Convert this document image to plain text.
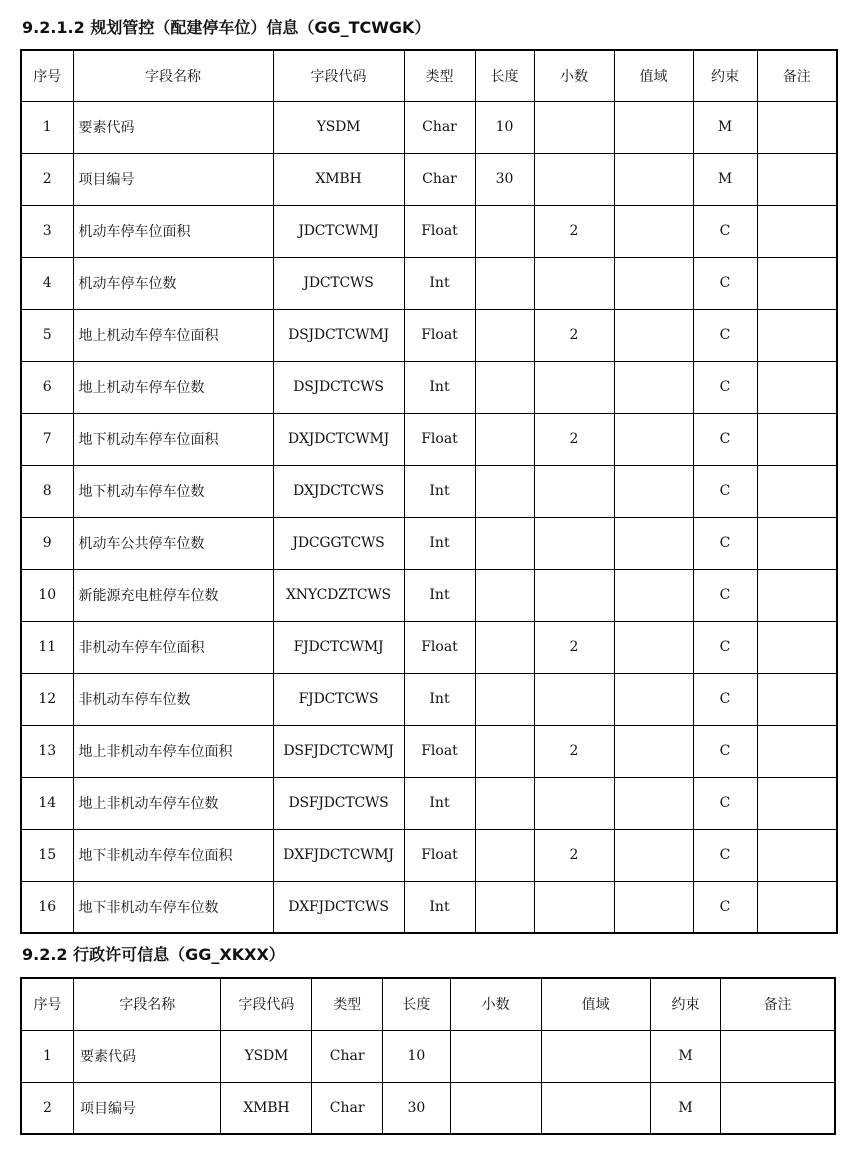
9.2.1.2 规划管控（配建停车位）信息（GG_TCWGK）
序号	字段名称	字段代码	类型	长度	小数	值域	约束	备注
1	要素代码	YSDM	Char	10			M	
2	项目编号	XMBH	Char	30			M	
3	机动车停车位面积	JDCTCWMJ	Float		2		C	
4	机动车停车位数	JDCTCWS	Int				C	
5	地上机动车停车位面积	DSJDCTCWMJ	Float		2		C	
6	地上机动车停车位数	DSJDCTCWS	Int				C	
7	地下机动车停车位面积	DXJDCTCWMJ	Float		2		C	
8	地下机动车停车位数	DXJDCTCWS	Int				C	
9	机动车公共停车位数	JDCGGTCWS	Int				C	
10	新能源充电桩停车位数	XNYCDZTCWS	Int				C	
11	非机动车停车位面积	FJDCTCWMJ	Float		2		C	
12	非机动车停车位数	FJDCTCWS	Int				C	
13	地上非机动车停车位面积	DSFJDCTCWMJ	Float		2		C	
14	地上非机动车停车位数	DSFJDCTCWS	Int				C	
15	地下非机动车停车位面积	DXFJDCTCWMJ	Float		2		C	
16	地下非机动车停车位数	DXFJDCTCWS	Int				C	
9.2.2 行政许可信息（GG_XKXX）
序号	字段名称	字段代码	类型	长度	小数	值域	约束	备注
1	要素代码	YSDM	Char	10			M	
2	项目编号	XMBH	Char	30			M	
